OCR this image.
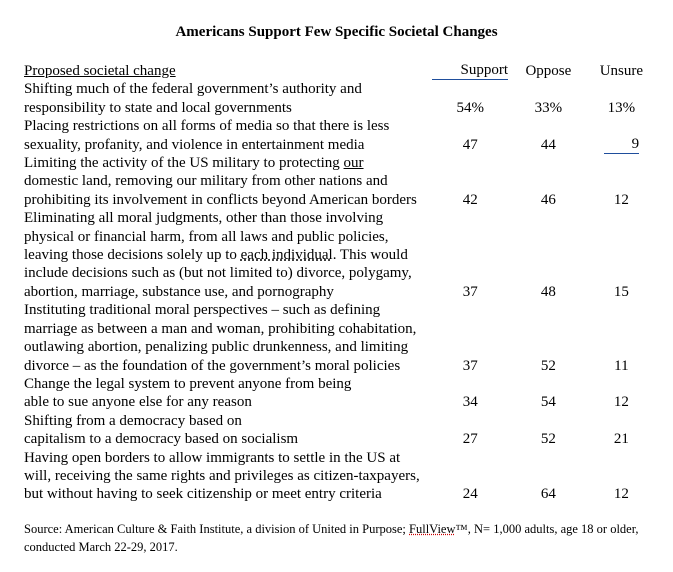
Americans Support Few Specific Societal Changes
Proposed societal change	Support	Oppose	Unsure

Shifting much of the federal government’s authority and
responsibility to state and local governments	54%	33%	13%

Placing restrictions on all forms of media so that there is less
sexuality, profanity, and violence in entertainment media	47	44	9

Limiting the activity of the US military to protecting our
domestic land, removing our military from other nations and
prohibiting its involvement in conflicts beyond American borders	42	46	12

Eliminating all moral judgments, other than those involving
physical or financial harm, from all laws and public policies,
leaving those decisions solely up to each individual. This would
include decisions such as (but not limited to) divorce, polygamy,
abortion, marriage, substance use, and pornography	37	48	15

Instituting traditional moral perspectives – such as defining
marriage as between a man and woman, prohibiting cohabitation,
outlawing abortion, penalizing public drunkenness, and limiting
divorce – as the foundation of the government’s moral policies	37	52	11

Change the legal system to prevent anyone from being
able to sue anyone else for any reason	34	54	12

Shifting from a democracy based on
capitalism to a democracy based on socialism	27	52	21

Having open borders to allow immigrants to settle in the US at
will, receiving the same rights and privileges as citizen-taxpayers,
but without having to seek citizenship or meet entry criteria	24	64	12
Source: American Culture & Faith Institute, a division of United in Purpose; FullView™, N= 1,000 adults, age 18 or older, conducted March 22-29, 2017.
